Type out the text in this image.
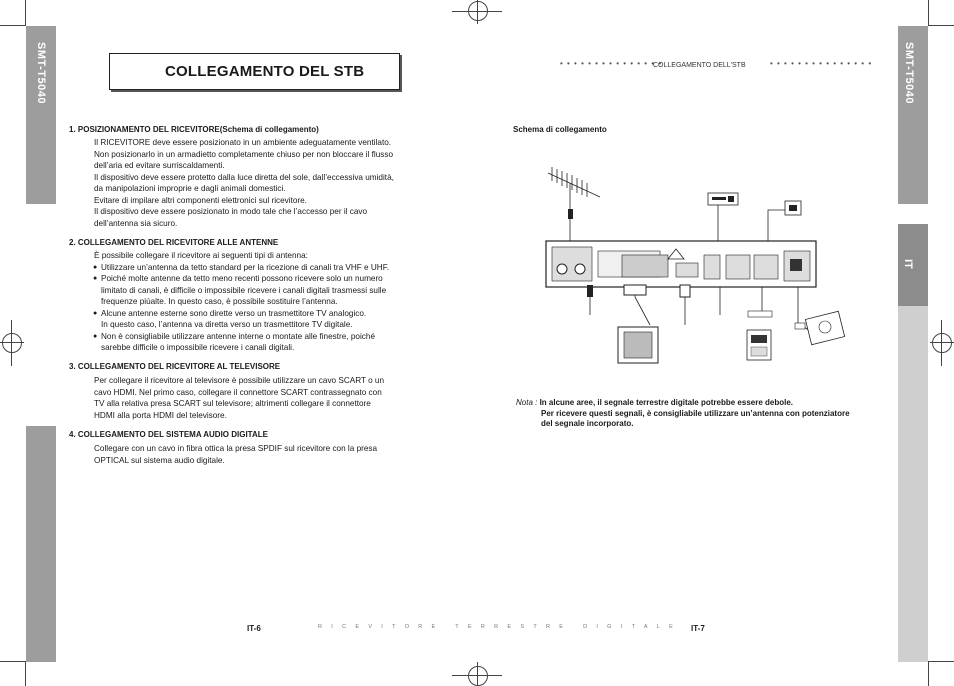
SMT-T5040	SMT-T5040
IT
COLLEGAMENTO DEL STB	• • • • • • • • • • • • • • •
COLLEGAMENTO DELL'STB	• • • • • • • • • • • • • • •
1. POSIZIONAMENTO DEL RICEVITORE(Schema di collegamento)

Il RICEVITORE deve essere posizionato in un ambiente adeguatamente ventilato.

Non posizionarlo in un armadietto completamente chiuso per non bloccare il flusso

dell’aria ed evitare surriscaldamenti.

Il dispositivo deve essere protetto dalla luce diretta del sole, dall’eccessiva umidità,

da manipolazioni improprie e dagli animali domestici.

Evitare di impilare altri componenti elettronici sul ricevitore.

Il dispositivo deve essere posizionato in modo tale che l’accesso per il cavo

dell’antenna sia sicuro.

2. COLLEGAMENTO DEL RICEVITORE ALLE ANTENNE

È possibile collegare il ricevitore ai seguenti tipi di antenna:

● Utilizzare un’antenna da tetto standard per la ricezione di canali tra VHF e UHF.

● Poiché molte antenne da tetto meno recenti possono ricevere solo un numero

limitato di canali, è difficile o impossibile ricevere i canali digitali trasmessi sulle

frequenze piùalte. In questo caso, è possibile sostituire l’antenna.

● Alcune antenne esterne sono dirette verso un trasmettitore TV analogico.

In questo caso, l’antenna va diretta verso un trasmettitore TV digitale.

● Non è consigliabile utilizzare antenne interne o montate alle finestre, poiché

sarebbe difficile o impossibile ricevere i canali digitali.

3. COLLEGAMENTO DEL RICEVITORE AL TELEVISORE

Per collegare il ricevitore al televisore è possibile utilizzare un cavo SCART o un

cavo HDMI. Nel primo caso, collegare il connettore SCART contrassegnato con

TV alla relativa presa SCART sul televisore; altrimenti collegare il connettore

HDMI alla porta HDMI del televisore.

4. COLLEGAMENTO DEL SISTEMA AUDIO DIGITALE

Collegare con un cavo in fibra ottica la presa SPDIF sul ricevitore con la presa

OPTICAL sul sistema audio digitale.

Schema di collegamento
Nota : In alcune aree, il segnale terrestre digitale potrebbe essere debole.
Per ricevere questi segnali, è consigliabile utilizzare un’antenna con potenziatore
del segnale incorporato.
IT-6	RICEVITORE TERRESTRE DIGITALE IT-7
